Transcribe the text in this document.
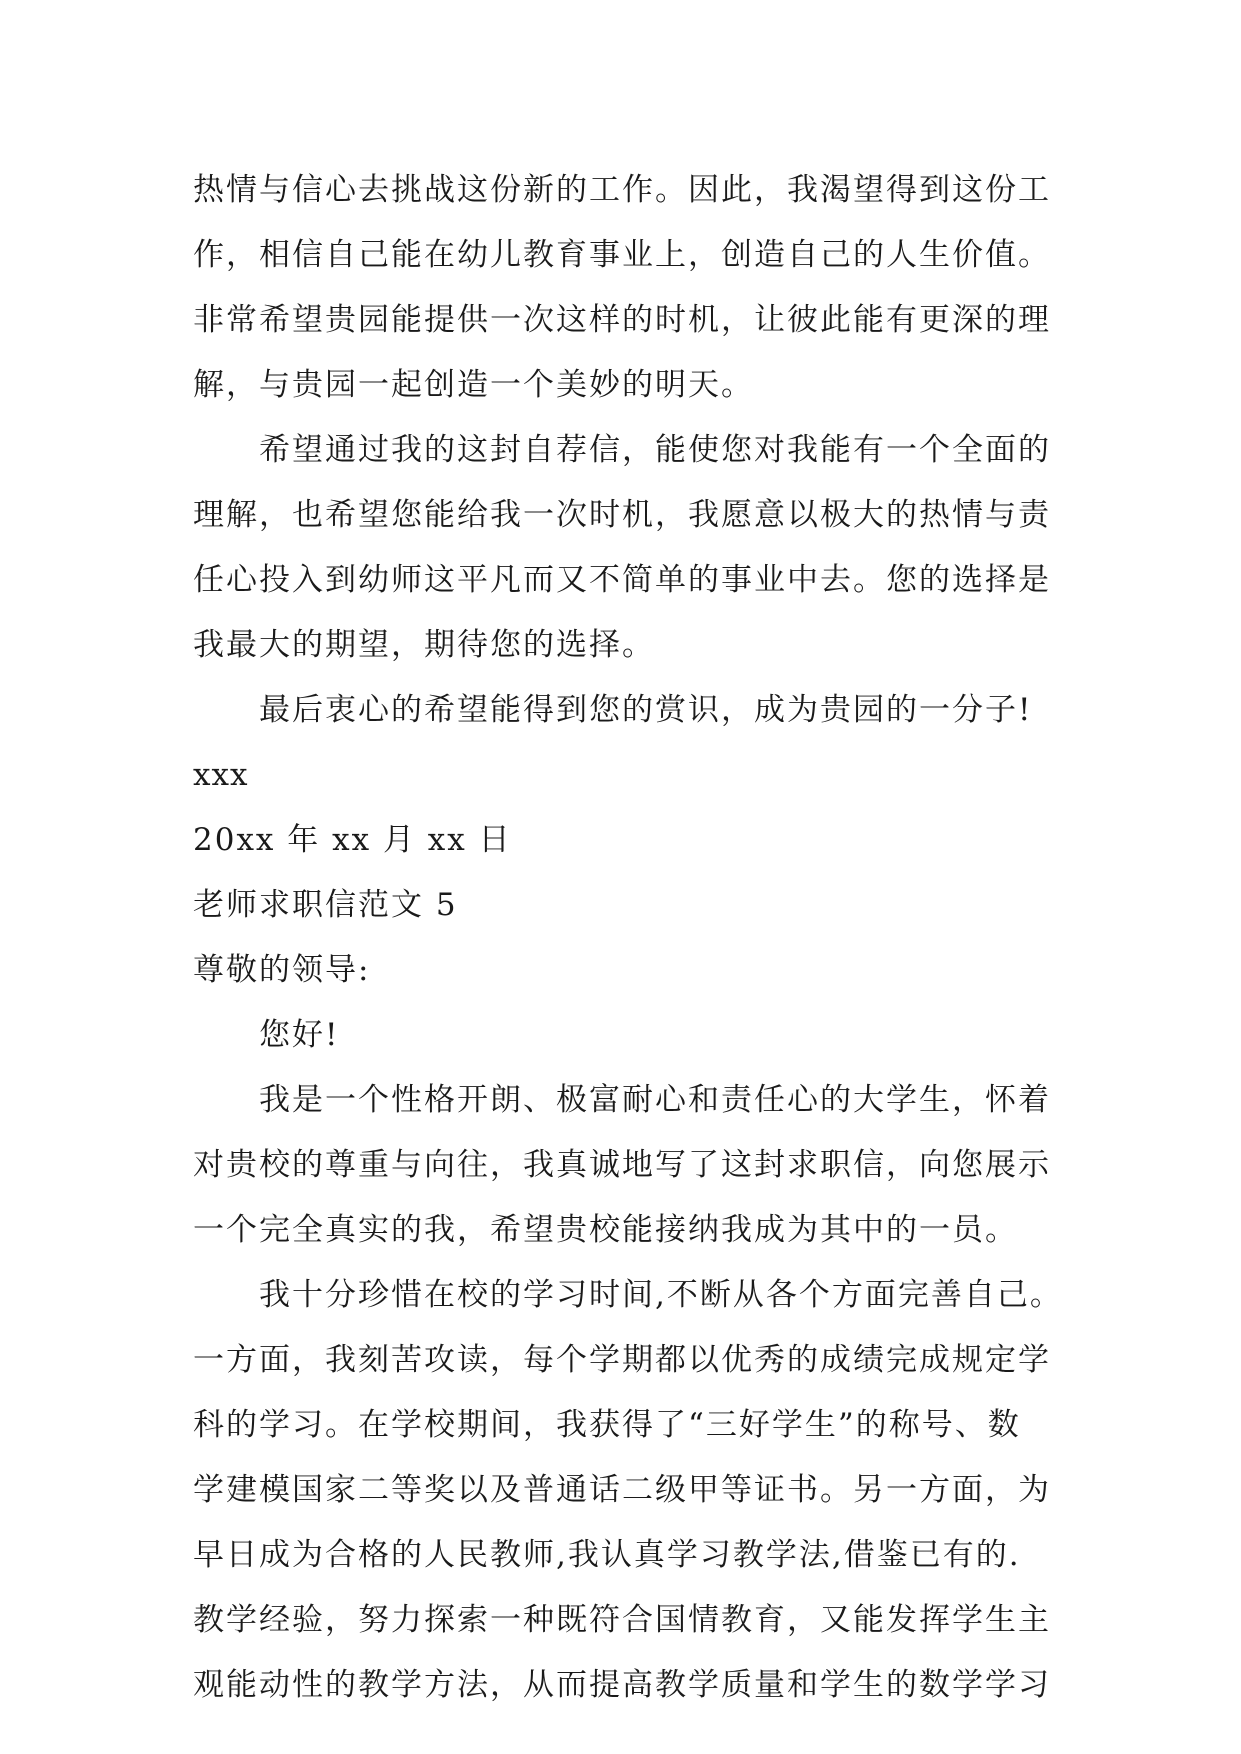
热情与信心去挑战这份新的工作。因此，我渴望得到这份工
作，相信自己能在幼儿教育事业上，创造自己的人生价值。
非常希望贵园能提供一次这样的时机，让彼此能有更深的理
解，与贵园一起创造一个美妙的明天。
希望通过我的这封自荐信，能使您对我能有一个全面的
理解，也希望您能给我一次时机，我愿意以极大的热情与责
任心投入到幼师这平凡而又不简单的事业中去。您的选择是
我最大的期望，期待您的选择。
最后衷心的希望能得到您的赏识，成为贵园的一分子!
xxx
20xx 年 xx 月 xx 日
老师求职信范文 5
尊敬的领导:
您好!
我是一个性格开朗、极富耐心和责任心的大学生，怀着
对贵校的尊重与向往，我真诚地写了这封求职信，向您展示
一个完全真实的我，希望贵校能接纳我成为其中的一员。
我十分珍惜在校的学习时间,不断从各个方面完善自己。
一方面，我刻苦攻读，每个学期都以优秀的成绩完成规定学
科的学习。在学校期间，我获得了“三好学生”的称号、数
学建模国家二等奖以及普通话二级甲等证书。另一方面，为
早日成为合格的人民教师,我认真学习教学法,借鉴已有的.
教学经验，努力探索一种既符合国情教育，又能发挥学生主
观能动性的教学方法，从而提高教学质量和学生的数学学习
